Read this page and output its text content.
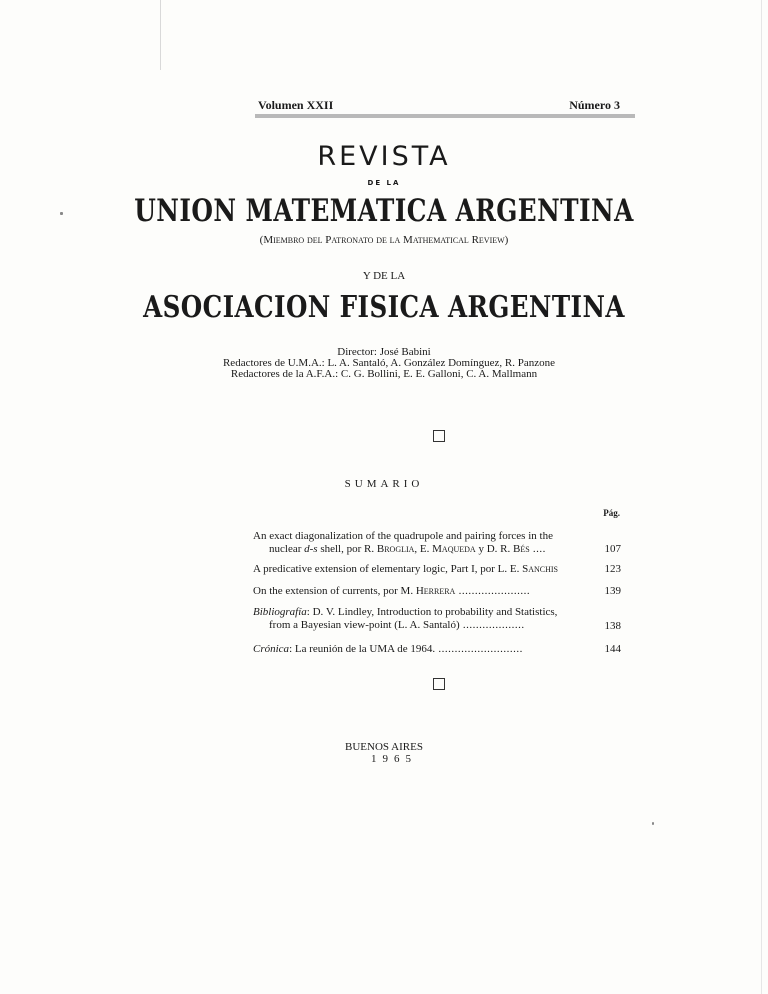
Volumen XXII	Número 3
REVISTA
DE LA
UNION MATEMATICA ARGENTINA
(Miembro del Patronato de la Mathematical Review)
Y DE LA
ASOCIACION FISICA ARGENTINA
Director: José Babini
Redactores de U.M.A.: L. A. Santaló, A. González Domínguez, R. Panzone
Redactores de la A.F.A.: C. G. Bollini, E. E. Galloni, C. A. Mallmann
SUMARIO
Pág.
An exact diagonalization of the quadrupole and pairing forces in the
nuclear d-s shell, por R. Broglia, E. Maqueda y D. R. Bés ....	107
A predicative extension of elementary logic, Part I, por L. E. Sanchis	123
On the extension of currents, por M. Herrera ......................	139
Bibliografía: D. V. Lindley, Introduction to probability and Statistics,
from a Bayesian view-point (L. A. Santaló) ...................	138
Crónica: La reunión de la UMA de 1964. ..........................	144
BUENOS AIRES
1965
